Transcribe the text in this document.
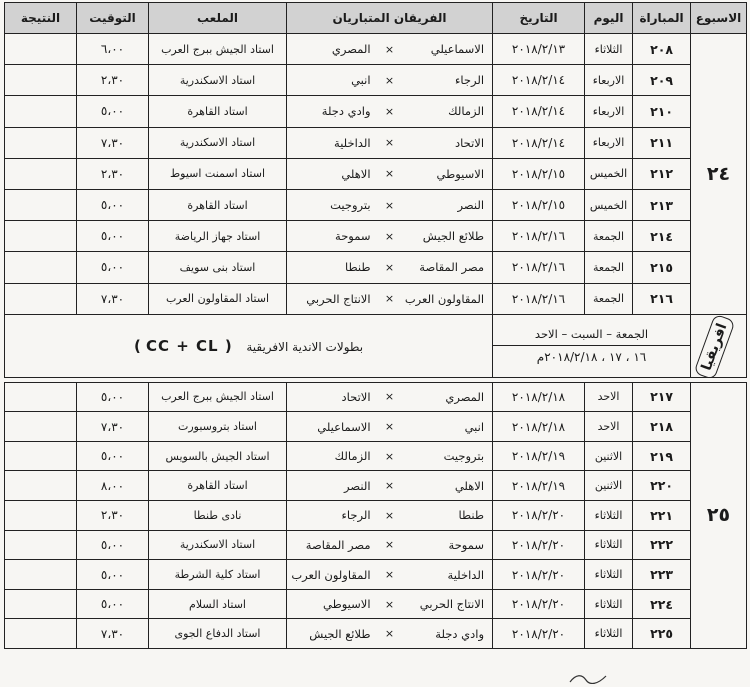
الاسبوع	المباراة	اليوم	التاريخ	الفريقان المتباريان			الملعب	التوقيت	النتيجة
٢٤	٢٠٨	الثلاثاء	٢٠١٨/٢/١٣	الاسماعيلي	×	المصري	استاد الجيش ببرج العرب	٦،٠٠	
	٢٠٩	الاربعاء	٢٠١٨/٢/١٤	الرجاء	×	انبي	استاد الاسكندرية	٢،٣٠	
	٢١٠	الاربعاء	٢٠١٨/٢/١٤	الزمالك	×	وادي دجلة	استاد القاهرة	٥،٠٠	
	٢١١	الاربعاء	٢٠١٨/٢/١٤	الاتحاد	×	الداخلية	استاد الاسكندرية	٧،٣٠	
	٢١٢	الخميس	٢٠١٨/٢/١٥	الاسيوطي	×	الاهلي	استاد اسمنت اسيوط	٢،٣٠	
	٢١٣	الخميس	٢٠١٨/٢/١٥	النصر	×	بتروجيت	استاد القاهرة	٥،٠٠	
	٢١٤	الجمعة	٢٠١٨/٢/١٦	طلائع الجيش	×	سموحة	استاد جهاز الرياضة	٥،٠٠	
	٢١٥	الجمعة	٢٠١٨/٢/١٦	مصر المقاصة	×	طنطا	استاد بنى سويف	٥،٠٠	
	٢١٦	الجمعة	٢٠١٨/٢/١٦	المقاولون العرب	×	الانتاج الحربي	استاد المقاولون العرب	٧،٣٠	
افريقيا	الجمعة – السبت – الاحد
١٦ ، ١٧ ، ٢٠١٨/٢/١٨م			بطولات الاندية الافريقية    ( CC + CL )					

٢٥	٢١٧	الاحد	٢٠١٨/٢/١٨	المصري	×	الاتحاد	استاد الجيش ببرج العرب	٥،٠٠	
	٢١٨	الاحد	٢٠١٨/٢/١٨	انبي	×	الاسماعيلي	استاد بتروسبورت	٧،٣٠	
	٢١٩	الاثنين	٢٠١٨/٢/١٩	بتروجيت	×	الزمالك	استاد الجيش بالسويس	٥،٠٠	
	٢٢٠	الاثنين	٢٠١٨/٢/١٩	الاهلي	×	النصر	استاد القاهرة	٨،٠٠	
	٢٢١	الثلاثاء	٢٠١٨/٢/٢٠	طنطا	×	الرجاء	نادى طنطا	٢،٣٠	
	٢٢٢	الثلاثاء	٢٠١٨/٢/٢٠	سموحة	×	مصر المقاصة	استاد الاسكندرية	٥،٠٠	
	٢٢٣	الثلاثاء	٢٠١٨/٢/٢٠	الداخلية	×	المقاولون العرب	استاد كلية الشرطة	٥،٠٠	
	٢٢٤	الثلاثاء	٢٠١٨/٢/٢٠	الانتاج الحربي	×	الاسيوطي	استاد السلام	٥،٠٠	
	٢٢٥	الثلاثاء	٢٠١٨/٢/٢٠	وادي دجلة	×	طلائع الجيش	استاد الدفاع الجوى	٧،٣٠	
